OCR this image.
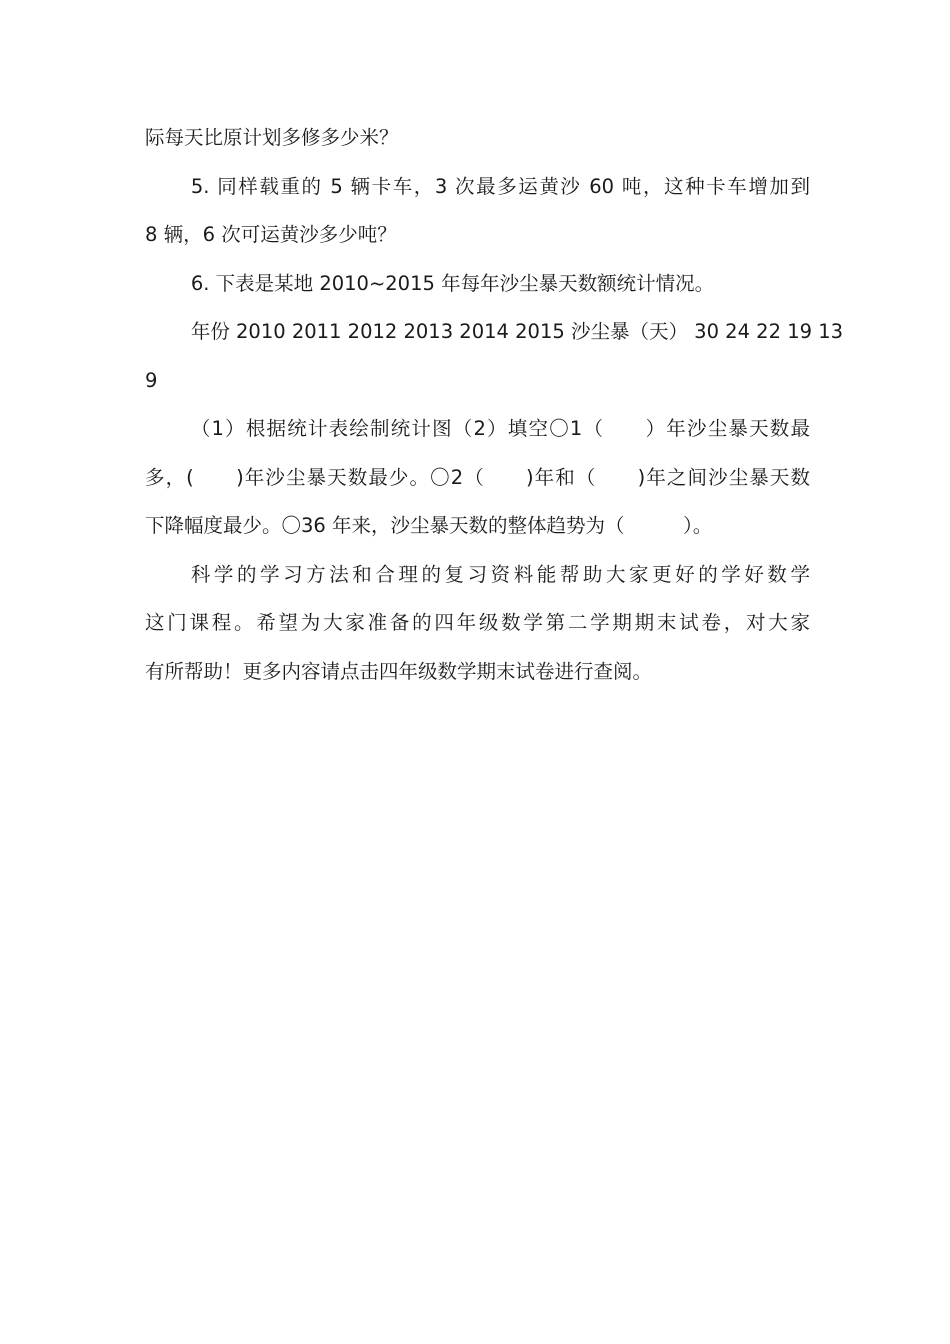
际每天比原计划多修多少米？
5. 同样载重的 5 辆卡车，3 次最多运黄沙 60 吨，这种卡车增加到
8 辆，6 次可运黄沙多少吨？
6. 下表是某地 2010~2015 年每年沙尘暴天数额统计情况。
年份 2010 2011 2012 2013 2014 2015 沙尘暴（天） 30 24 22 19 13
9
（1）根据统计表绘制统计图（2）填空〇1（　　）年沙尘暴天数最
多，(　　)年沙尘暴天数最少。〇2（　　)年和（　　)年之间沙尘暴天数
下降幅度最少。〇36 年来，沙尘暴天数的整体趋势为（　　　）。
科学的学习方法和合理的复习资料能帮助大家更好的学好数学
这门课程。希望为大家准备的四年级数学第二学期期末试卷，对大家
有所帮助！更多内容请点击四年级数学期末试卷进行查阅。
